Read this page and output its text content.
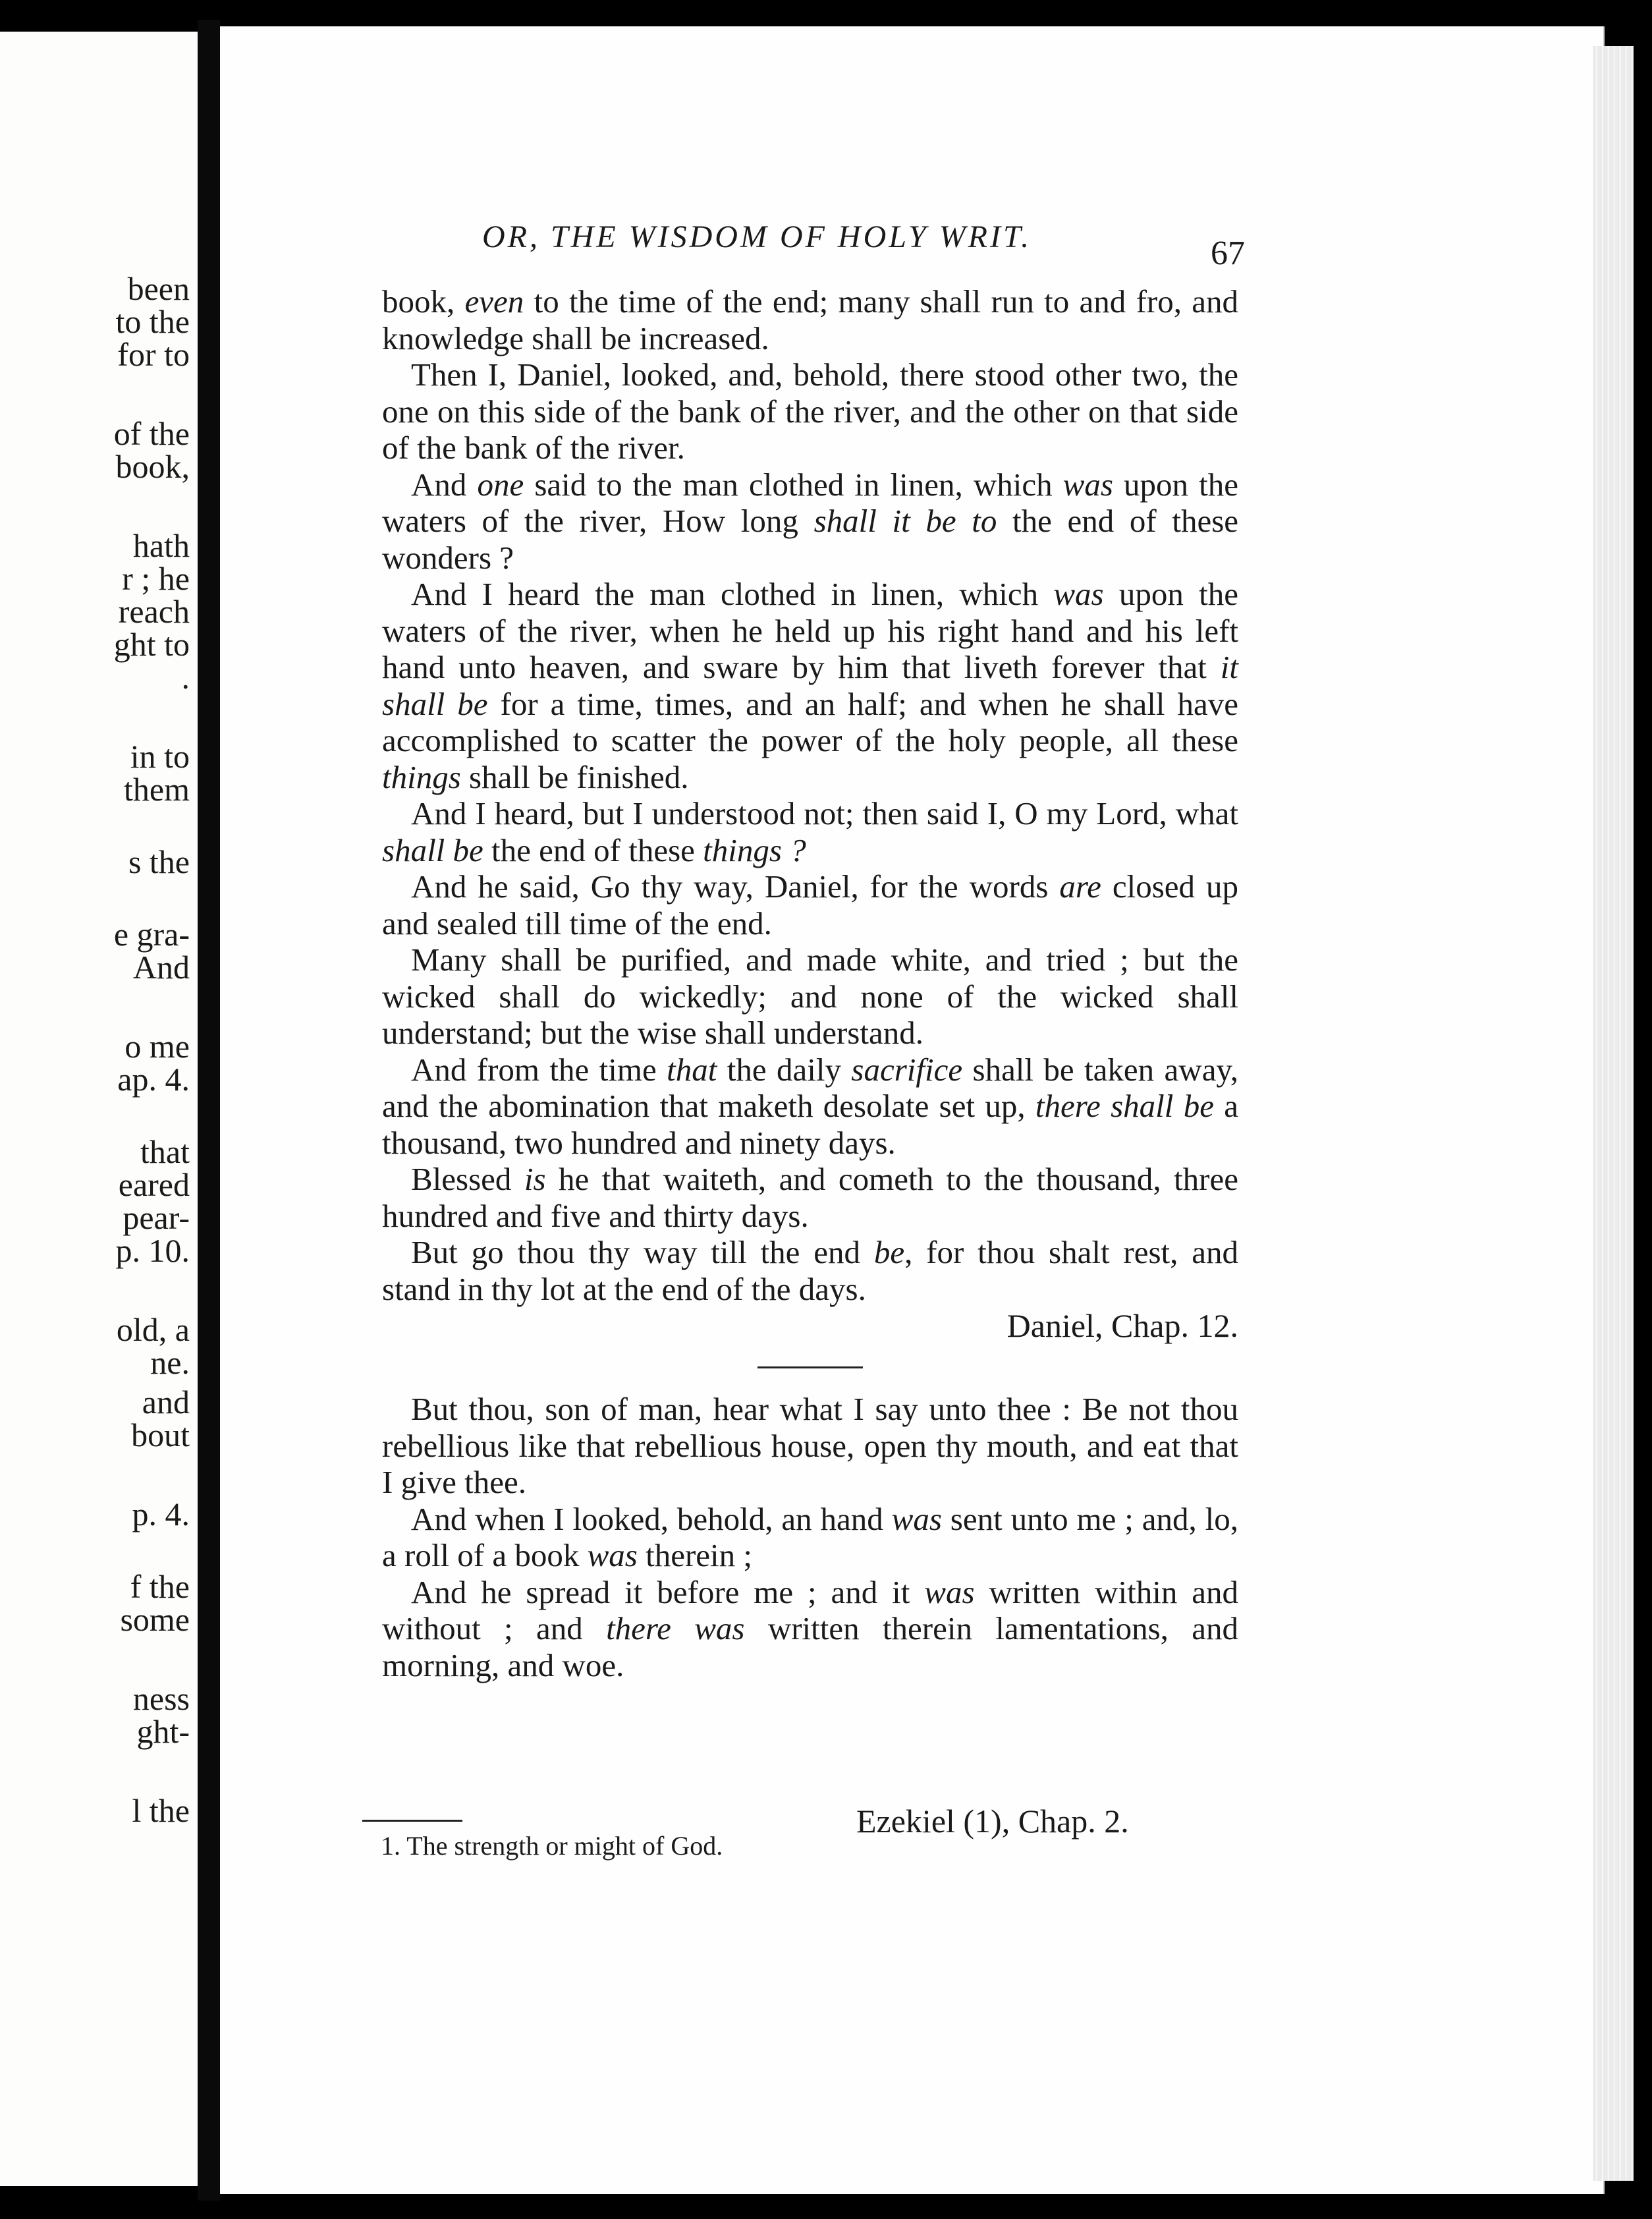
been
to the
for to
of the
book,
hath
r ; he
reach
ght to
.
in to
them
s the
e gra-
And
o me
ap. 4.
that
eared
pear-
p. 10.
old, a
ne.
and
bout
p. 4.
f the
some
ness
ght-
l the
OR, THE WISDOM OF HOLY WRIT.	67

book, even to the time of the end; many shall run to and fro, and knowledge shall be increased.

Then I, Daniel, looked, and, behold, there stood other two, the one on this side of the bank of the river, and the other on that side of the bank of the river.

And one said to the man clothed in linen, which was upon the waters of the river, How long shall it be to the end of these wonders ?

And I heard the man clothed in linen, which was upon the waters of the river, when he held up his right hand and his left hand unto heaven, and sware by him that liveth forever that it shall be for a time, times, and an half; and when he shall have accomplished to scatter the power of the holy people, all these things shall be finished.

And I heard, but I understood not; then said I, O my Lord, what shall be the end of these things ?

And he said, Go thy way, Daniel, for the words are closed up and sealed till time of the end.

Many shall be purified, and made white, and tried ; but the wicked shall do wickedly; and none of the wicked shall understand; but the wise shall understand.

And from the time that the daily sacrifice shall be taken away, and the abomination that maketh desolate set up, there shall be a thousand, two hundred and ninety days.

Blessed is he that waiteth, and cometh to the thousand, three hundred and five and thirty days.

But go thou thy way till the end be, for thou shalt rest, and stand in thy lot at the end of the days.

Daniel, Chap. 12.

But thou, son of man, hear what I say unto thee : Be not thou rebellious like that rebellious house, open thy mouth, and eat that I give thee.

And when I looked, behold, an hand was sent unto me ; and, lo, a roll of a book was therein ;

And he spread it before me ; and it was written within and without ; and there was written therein lamentations, and morning, and woe.

Ezekiel (1), Chap. 2.
1. The strength or might of God.
